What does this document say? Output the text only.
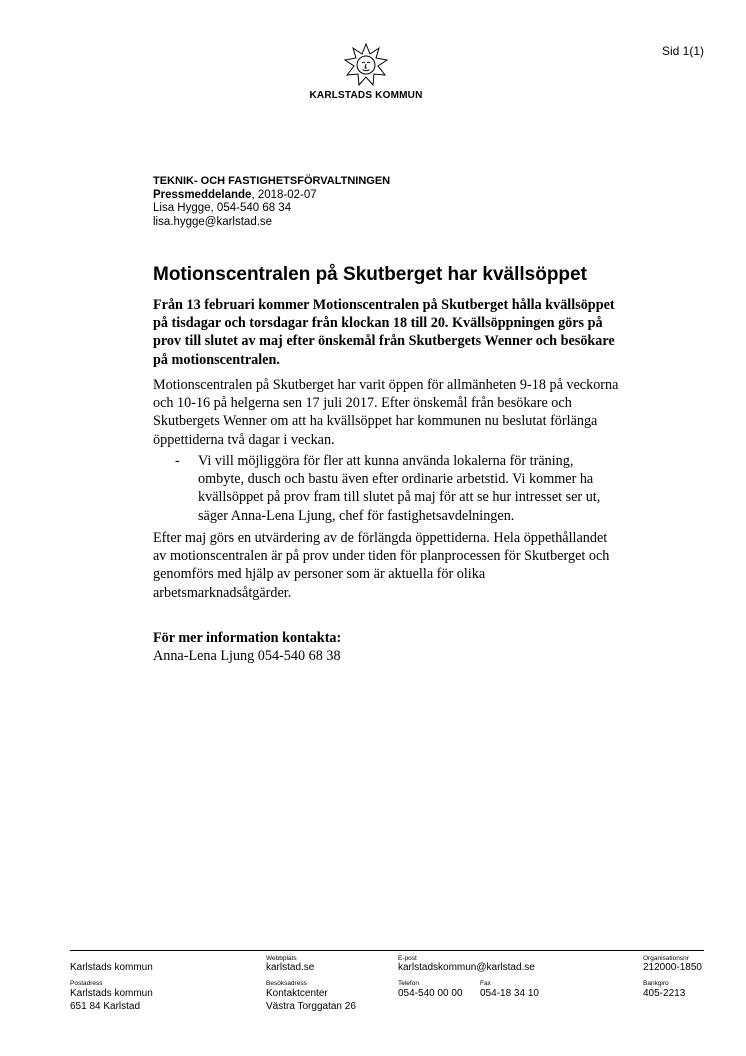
Sid 1(1)
KARLSTADS KOMMUN
TEKNIK- OCH FASTIGHETSFÖRVALTNINGEN
Pressmeddelande, 2018-02-07
Lisa Hygge, 054-540 68 34
lisa.hygge@karlstad.se
Motionscentralen på Skutberget har kvällsöppet
Från 13 februari kommer Motionscentralen på Skutberget hålla kvällsöppet på tisdagar och torsdagar från klockan 18 till 20. Kvällsöppningen görs på prov till slutet av maj efter önskemål från Skutbergets Wenner och besökare på motionscentralen.
Motionscentralen på Skutberget har varit öppen för allmänheten 9-18 på veckorna och 10-16 på helgerna sen 17 juli 2017. Efter önskemål från besökare och Skutbergets Wenner om att ha kvällsöppet har kommunen nu beslutat förlänga öppettiderna två dagar i veckan.
- Vi vill möjliggöra för fler att kunna använda lokalerna för träning, ombyte, dusch och bastu även efter ordinarie arbetstid. Vi kommer ha kvällsöppet på prov fram till slutet på maj för att se hur intresset ser ut, säger Anna-Lena Ljung, chef för fastighetsavdelningen.
Efter maj görs en utvärdering av de förlängda öppettiderna. Hela öppethållandet av motionscentralen är på prov under tiden för planprocessen för Skutberget och genomförs med hjälp av personer som är aktuella för olika arbetsmarknadsåtgärder.
För mer information kontakta:
Anna-Lena Ljung 054-540 68 38
Karlstads kommun
Webbplats
karlstad.se
E-post
karlstadskommun@karlstad.se
Organisationsnr
212000-1850
Postadress
Karlstads kommun
651 84 Karlstad
Besöksadress
Kontaktcenter
Västra Torggatan 26
Telefon
054-540 00 00
Fax
054-18 34 10
Bankgiro
405-2213
